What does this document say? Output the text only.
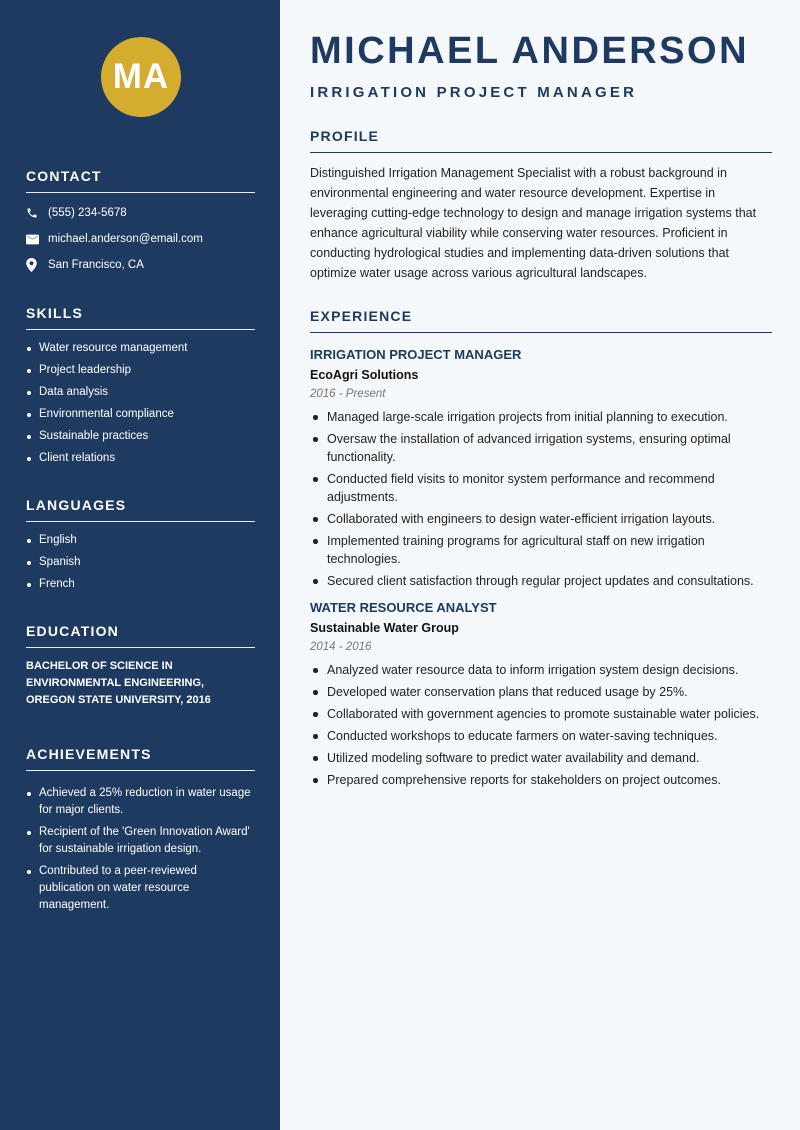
MA
CONTACT
(555) 234-5678
michael.anderson@email.com
San Francisco, CA
SKILLS
Water resource management
Project leadership
Data analysis
Environmental compliance
Sustainable practices
Client relations
LANGUAGES
English
Spanish
French
EDUCATION

BACHELOR OF SCIENCE IN ENVIRONMENTAL ENGINEERING, OREGON STATE UNIVERSITY, 2016

ACHIEVEMENTS
Achieved a 25% reduction in water usage for major clients.
Recipient of the 'Green Innovation Award' for sustainable irrigation design.
Contributed to a peer-reviewed publication on water resource management.
MICHAEL ANDERSON
IRRIGATION PROJECT MANAGER
PROFILE

Distinguished Irrigation Management Specialist with a robust background in environmental engineering and water resource development. Expertise in leveraging cutting-edge technology to design and manage irrigation systems that enhance agricultural viability while conserving water resources. Proficient in conducting hydrological studies and implementing data-driven solutions that optimize water usage across various agricultural landscapes.

EXPERIENCE
IRRIGATION PROJECT MANAGER
EcoAgri Solutions
2016 - Present
Managed large-scale irrigation projects from initial planning to execution.
Oversaw the installation of advanced irrigation systems, ensuring optimal functionality.
Conducted field visits to monitor system performance and recommend adjustments.
Collaborated with engineers to design water-efficient irrigation layouts.
Implemented training programs for agricultural staff on new irrigation technologies.
Secured client satisfaction through regular project updates and consultations.
WATER RESOURCE ANALYST
Sustainable Water Group
2014 - 2016
Analyzed water resource data to inform irrigation system design decisions.
Developed water conservation plans that reduced usage by 25%.
Collaborated with government agencies to promote sustainable water policies.
Conducted workshops to educate farmers on water-saving techniques.
Utilized modeling software to predict water availability and demand.
Prepared comprehensive reports for stakeholders on project outcomes.
